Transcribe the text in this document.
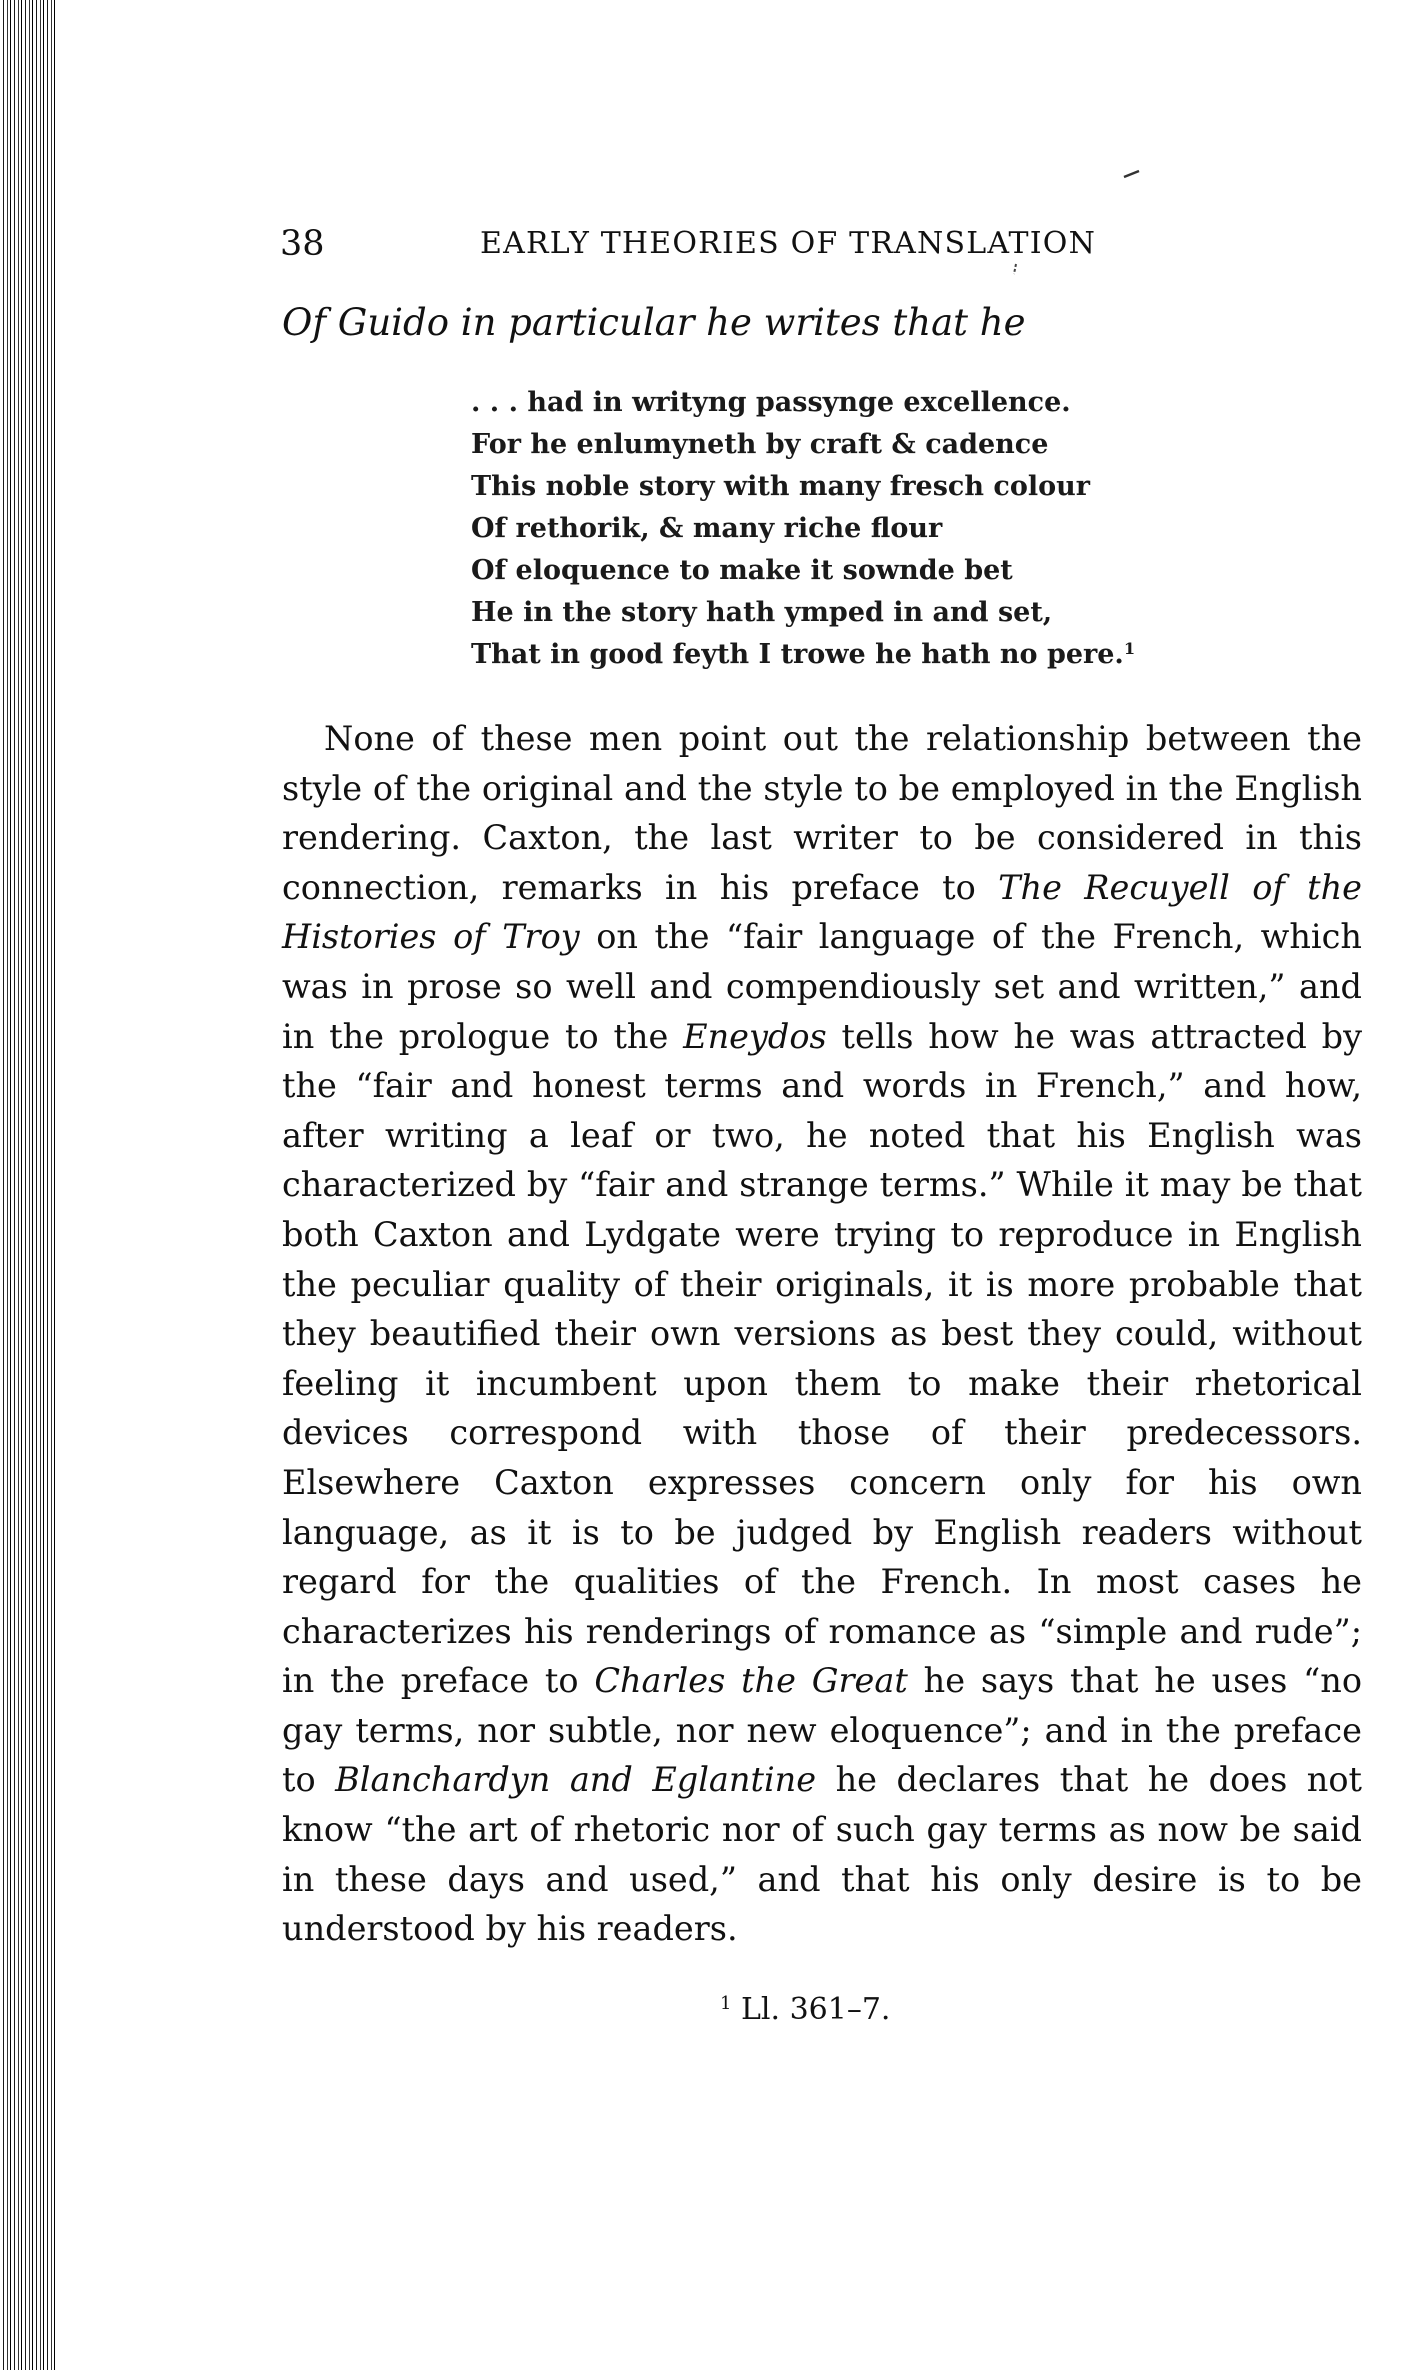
38	EARLY THEORIES OF TRANSLATION
Of Guido in particular he writes that he
. . . had in writyng passynge excellence.
For he enlumyneth by craft & cadence
This noble story with many fresch colour
Of rethorik, & many riche flour
Of eloquence to make it sownde bet
He in the story hath ymped in and set,
That in good feyth I trowe he hath no pere.$^1$

None of these men point out the relationship between the style of the original and the style to be employed in the English rendering. Caxton, the last writer to be considered in this connection, remarks in his preface to The Recuyell of the Histories of Troy on the “fair language of the French, which was in prose so well and compendiously set and written,” and in the prologue to the Eneydos tells how he was attracted by the “fair and honest terms and words in French,” and how, after writing a leaf or two, he noted that his English was characterized by “fair and strange terms.” While it may be that both Caxton and Lydgate were trying to reproduce in English the peculiar quality of their originals, it is more probable that they beautified their own versions as best they could, without feeling it incumbent upon them to make their rhetorical devices correspond with those of their predecessors. Elsewhere Caxton expresses concern only for his own language, as it is to be judged by English readers without regard for the qualities of the French. In most cases he characterizes his renderings of romance as “simple and rude”; in the preface to Charles the Great he says that he uses “no gay terms, nor subtle, nor new eloquence”; and in the preface to Blanchardyn and Eglantine he declares that he does not know “the art of rhetoric nor of such gay terms as now be said in these days and used,” and that his only desire is to be understood by his readers.

$^1$ Ll. 361–7.
